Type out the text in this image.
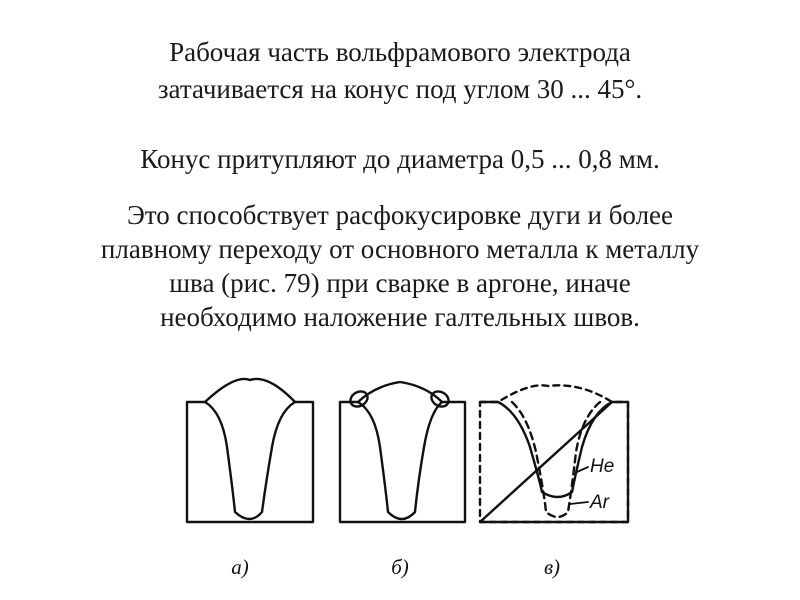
Рабочая часть вольфрамового электрода
затачивается на конус под углом 30 ... 45°.
Конус притупляют до диаметра 0,5 ... 0,8 мм.
Это способствует расфокусировке дуги и более
плавному переходу от основного металла к металлу
шва (рис. 79) при сварке в аргоне, иначе
необходимо наложение галтельных швов.
а)	б)	в)
He
Ar
